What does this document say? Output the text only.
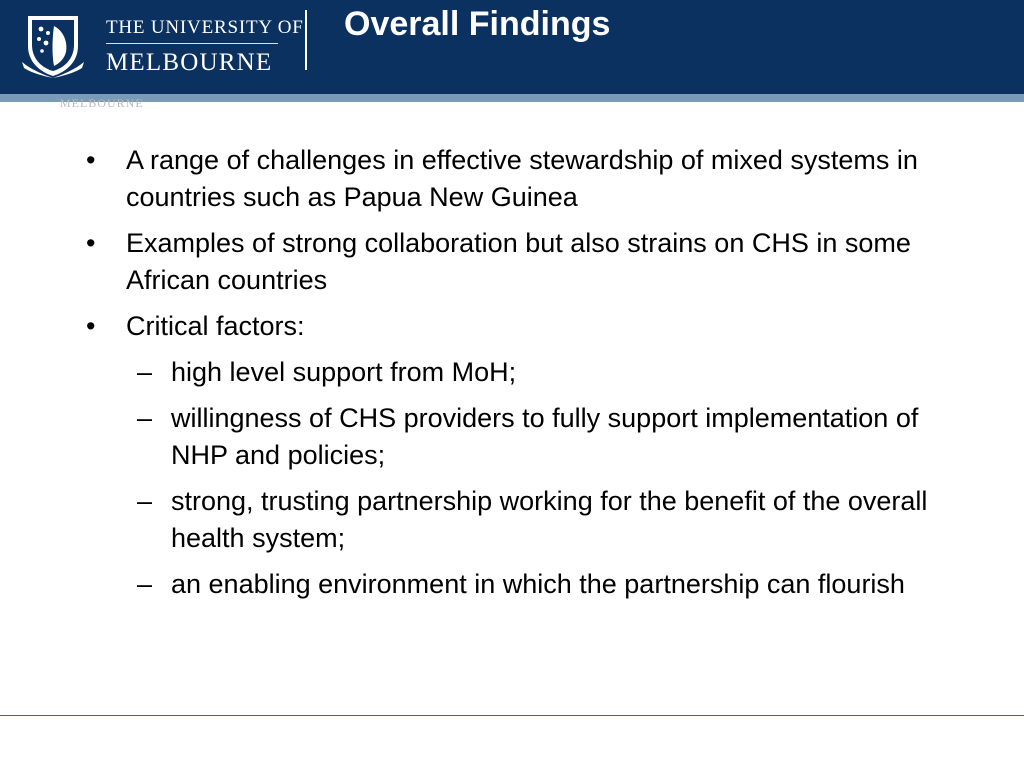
THE UNIVERSITY OF
MELBOURNE
Overall Findings
MELBOURNE
•	A range of challenges in effective stewardship of mixed systems in countries such as Papua New Guinea
•	Examples of strong collaboration but also strains on CHS in some African countries
•	Critical factors:
– high level support from MoH;
– willingness of CHS providers to fully support implementation of NHP and policies;
– strong, trusting partnership working for the benefit of the overall health system;
– an enabling environment in which the partnership can flourish
